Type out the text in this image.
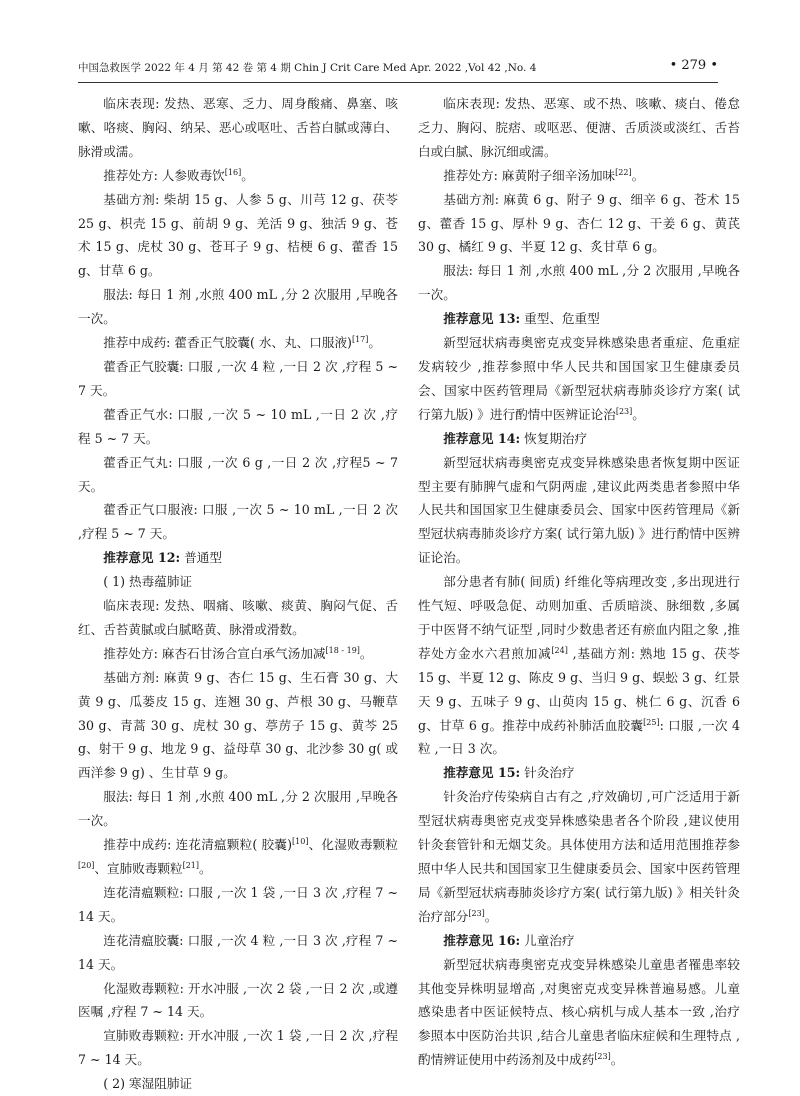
中国急救医学 2022 年 4 月 第 42 卷 第 4 期 Chin J Crit Care Med Apr. 2022 ,Vol 42 ,No. 4	• 279 •

临床表现: 发热、恶寒、乏力、周身酸痛、鼻塞、咳嗽、咯痰、胸闷、纳呆、恶心或呕吐、舌苔白腻或薄白、脉滑或濡。

推荐处方: 人参败毒饮[16]。

基础方剂: 柴胡 15 g、人参 5 g、川芎 12 g、茯苓 25 g、枳壳 15 g、前胡 9 g、羌活 9 g、独活 9 g、苍术 15 g、虎杖 30 g、苍耳子 9 g、桔梗 6 g、藿香 15 g、甘草 6 g。

服法: 每日 1 剂 ,水煎 400 mL ,分 2 次服用 ,早晚各一次。

推荐中成药: 藿香正气胶囊( 水、丸、口服液)[17]。

藿香正气胶囊: 口服 ,一次 4 粒 ,一日 2 次 ,疗程 5 ~ 7 天。

藿香正气水: 口服 ,一次 5 ~ 10 mL ,一日 2 次 ,疗程 5 ~ 7 天。

藿香正气丸: 口服 ,一次 6 g ,一日 2 次 ,疗程5 ~ 7 天。

藿香正气口服液: 口服 ,一次 5 ~ 10 mL ,一日 2 次 ,疗程 5 ~ 7 天。

推荐意见 12: 普通型

( 1) 热毒蕴肺证

临床表现: 发热、咽痛、咳嗽、痰黄、胸闷气促、舌红、舌苔黄腻或白腻略黄、脉滑或滑数。

推荐处方: 麻杏石甘汤合宣白承气汤加减[18 - 19]。

基础方剂: 麻黄 9 g、杏仁 15 g、生石膏 30 g、大黄 9 g、瓜蒌皮 15 g、连翘 30 g、芦根 30 g、马鞭草 30 g、青蒿 30 g、虎杖 30 g、葶苈子 15 g、黄芩 25 g、射干 9 g、地龙 9 g、益母草 30 g、北沙参 30 g( 或西洋参 9 g) 、生甘草 9 g。

服法: 每日 1 剂 ,水煎 400 mL ,分 2 次服用 ,早晚各一次。

推荐中成药: 连花清瘟颗粒( 胶囊)[10]、化湿败毒颗粒[20]、宣肺败毒颗粒[21]。

连花清瘟颗粒: 口服 ,一次 1 袋 ,一日 3 次 ,疗程 7 ~ 14 天。

连花清瘟胶囊: 口服 ,一次 4 粒 ,一日 3 次 ,疗程 7 ~ 14 天。

化湿败毒颗粒: 开水冲服 ,一次 2 袋 ,一日 2 次 ,或遵医嘱 ,疗程 7 ~ 14 天。

宣肺败毒颗粒: 开水冲服 ,一次 1 袋 ,一日 2 次 ,疗程 7 ~ 14 天。

( 2) 寒湿阻肺证

临床表现: 发热、恶寒、或不热、咳嗽、痰白、倦怠乏力、胸闷、脘痞、或呕恶、便溏、舌质淡或淡红、舌苔白或白腻、脉沉细或濡。

推荐处方: 麻黄附子细辛汤加味[22]。

基础方剂: 麻黄 6 g、附子 9 g、细辛 6 g、苍术 15 g、藿香 15 g、厚朴 9 g、杏仁 12 g、干姜 6 g、黄芪 30 g、橘红 9 g、半夏 12 g、炙甘草 6 g。

服法: 每日 1 剂 ,水煎 400 mL ,分 2 次服用 ,早晚各一次。

推荐意见 13: 重型、危重型

新型冠状病毒奥密克戎变异株感染患者重症、危重症发病较少 ,推荐参照中华人民共和国国家卫生健康委员会、国家中医药管理局《新型冠状病毒肺炎诊疗方案( 试行第九版) 》进行酌情中医辨证论治[23]。

推荐意见 14: 恢复期治疗

新型冠状病毒奥密克戎变异株感染患者恢复期中医证型主要有肺脾气虚和气阴两虚 ,建议此两类患者参照中华人民共和国国家卫生健康委员会、国家中医药管理局《新型冠状病毒肺炎诊疗方案( 试行第九版) 》进行酌情中医辨证论治。

部分患者有肺( 间质) 纤维化等病理改变 ,多出现进行性气短、呼吸急促、动则加重、舌质暗淡、脉细数 ,多属于中医肾不纳气证型 ,同时少数患者还有瘀血内阻之象 ,推荐处方金水六君煎加减[24] ,基础方剂: 熟地 15 g、茯苓 15 g、半夏 12 g、陈皮 9 g、当归 9 g、蜈蚣 3 g、红景天 9 g、五味子 9 g、山萸肉 15 g、桃仁 6 g、沉香 6 g、甘草 6 g。推荐中成药补肺活血胶囊[25]: 口服 ,一次 4 粒 ,一日 3 次。

推荐意见 15: 针灸治疗

针灸治疗传染病自古有之 ,疗效确切 ,可广泛适用于新型冠状病毒奥密克戎变异株感染患者各个阶段 ,建议使用针灸套管针和无烟艾灸。具体使用方法和适用范围推荐参照中华人民共和国国家卫生健康委员会、国家中医药管理局《新型冠状病毒肺炎诊疗方案( 试行第九版) 》相关针灸治疗部分[23]。

推荐意见 16: 儿童治疗

新型冠状病毒奥密克戎变异株感染儿童患者罹患率较其他变异株明显增高 ,对奥密克戎变异株普遍易感。儿童感染患者中医证候特点、核心病机与成人基本一致 ,治疗参照本中医防治共识 ,结合儿童患者临床症候和生理特点 ,酌情辨证使用中药汤剂及中成药[23]。
